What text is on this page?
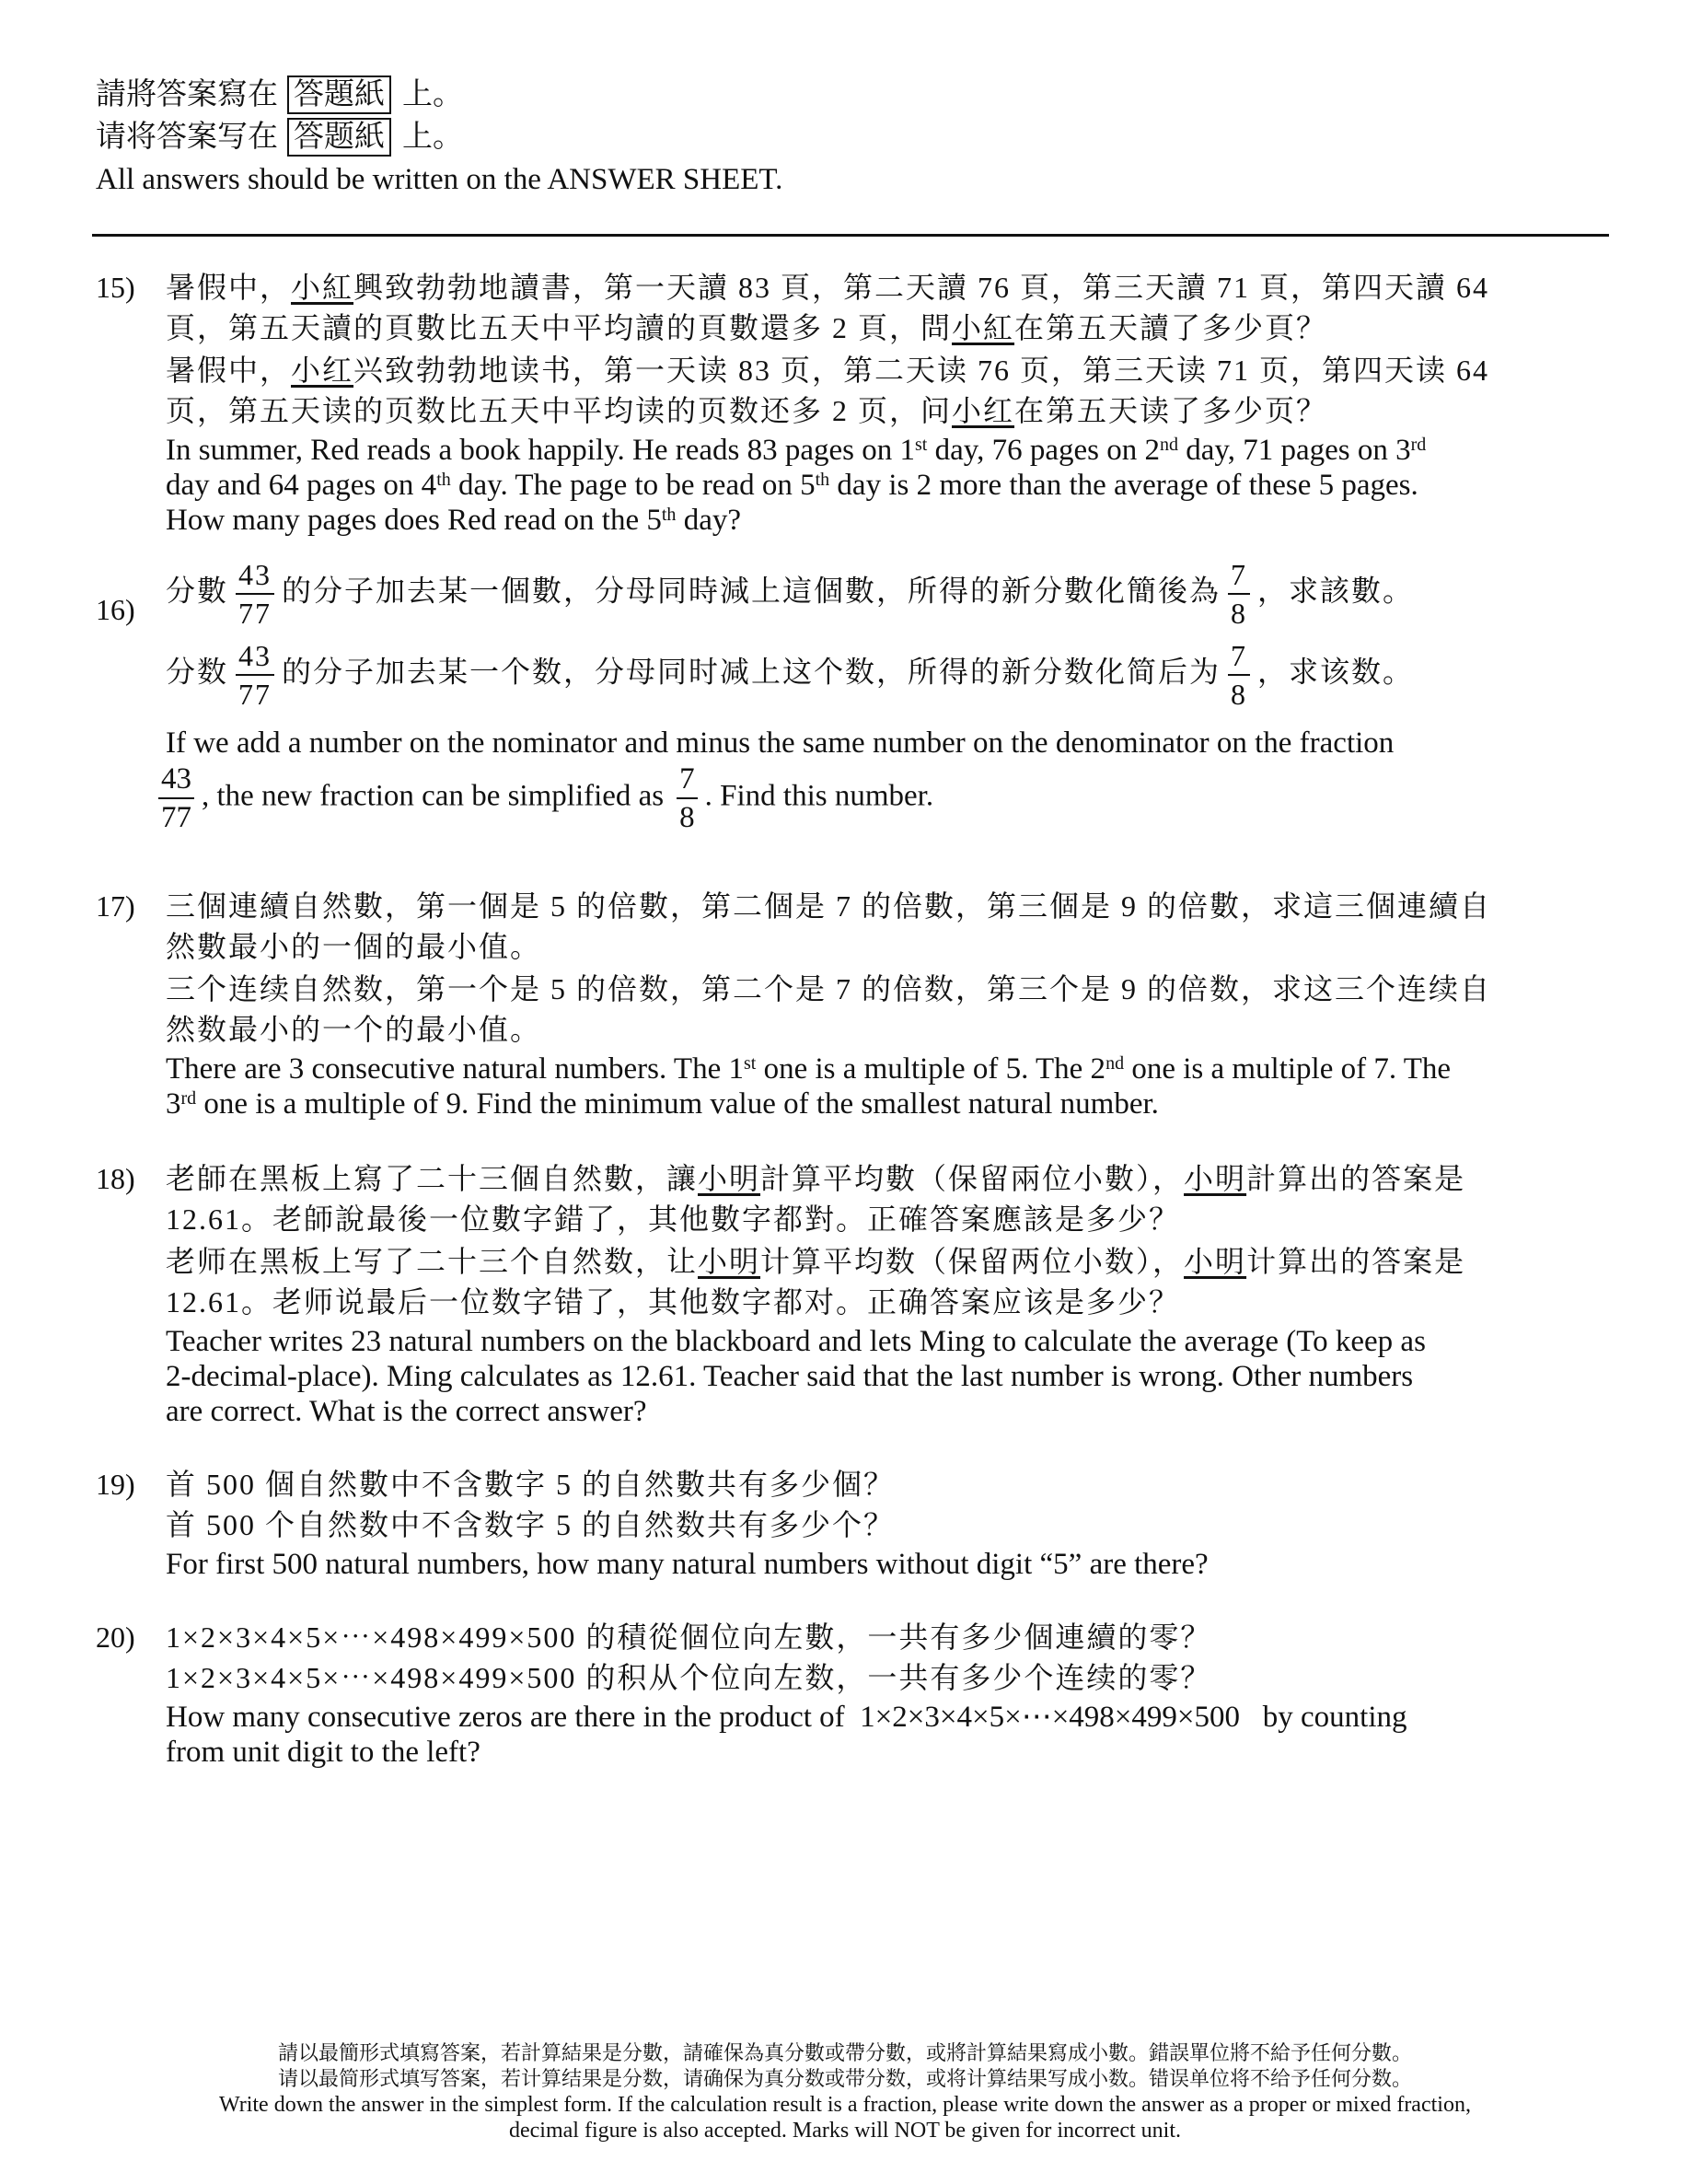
請將答案寫在 答題紙 上。
请将答案写在 答题紙 上。
All answers should be written on the ANSWER SHEET.
15) 暑假中，小紅興致勃勃地讀書，第一天讀 83 頁，第二天讀 76 頁，第三天讀 71 頁，第四天讀 64
頁，第五天讀的頁數比五天中平均讀的頁數還多 2 頁，問小紅在第五天讀了多少頁？
暑假中，小红兴致勃勃地读书，第一天读 83 页，第二天读 76 页，第三天读 71 页，第四天读 64
页，第五天读的页数比五天中平均读的页数还多 2 页，问小红在第五天读了多少页？
In summer, Red reads a book happily. He reads 83 pages on 1st day, 76 pages on 2nd day, 71 pages on 3rd
day and 64 pages on 4th day. The page to be read on 5th day is 2 more than the average of these 5 pages.
How many pages does Red read on the 5th day?
16)
分數 $\frac{43}{77}$ 的分子加去某一個數，分母同時減上這個數，所得的新分數化簡後為 $\frac{7}{8}$ ，求該數。
分数 $\frac{43}{77}$ 的分子加去某一个数，分母同时减上这个数，所得的新分数化简后为 $\frac{7}{8}$ ，求该数。
If we add a number on the nominator and minus the same number on the denominator on the fraction
$\frac{43}{77}$ , the new fraction can be simplified as $\frac{7}{8}$ . Find this number.
17) 三個連續自然數，第一個是 5 的倍數，第二個是 7 的倍數，第三個是 9 的倍數，求這三個連續自
然數最小的一個的最小值。
三个连续自然数，第一个是 5 的倍数，第二个是 7 的倍数，第三个是 9 的倍数，求这三个连续自
然数最小的一个的最小值。
There are 3 consecutive natural numbers. The 1st one is a multiple of 5. The 2nd one is a multiple of 7. The
3rd one is a multiple of 9. Find the minimum value of the smallest natural number.
18) 老師在黑板上寫了二十三個自然數，讓小明計算平均數（保留兩位小數），小明計算出的答案是
12.61。老師說最後一位數字錯了，其他數字都對。正確答案應該是多少？
老师在黑板上写了二十三个自然数，让小明计算平均数（保留两位小数），小明计算出的答案是
12.61。老师说最后一位数字错了，其他数字都对。正确答案应该是多少？
Teacher writes 23 natural numbers on the blackboard and lets Ming to calculate the average (To keep as
2-decimal-place). Ming calculates as 12.61. Teacher said that the last number is wrong. Other numbers
are correct. What is the correct answer?
19) 首 500 個自然數中不含數字 5 的自然數共有多少個？
首 500 个自然数中不含数字 5 的自然数共有多少个？
For first 500 natural numbers, how many natural numbers without digit “5” are there?
20) 1×2×3×4×5×⋯×498×499×500 的積從個位向左數，一共有多少個連續的零？
1×2×3×4×5×⋯×498×499×500 的积从个位向左数，一共有多少个连续的零？
How many consecutive zeros are there in the product of  1×2×3×4×5×⋯×498×499×500   by counting
from unit digit to the left?
請以最簡形式填寫答案，若計算結果是分數，請確保為真分數或帶分數，或將計算結果寫成小數。錯誤單位將不給予任何分數。
请以最简形式填写答案，若计算结果是分数，请确保为真分数或带分数，或将计算结果写成小数。错误单位将不给予任何分数。
Write down the answer in the simplest form. If the calculation result is a fraction, please write down the answer as a proper or mixed fraction,
decimal figure is also accepted. Marks will NOT be given for incorrect unit.
